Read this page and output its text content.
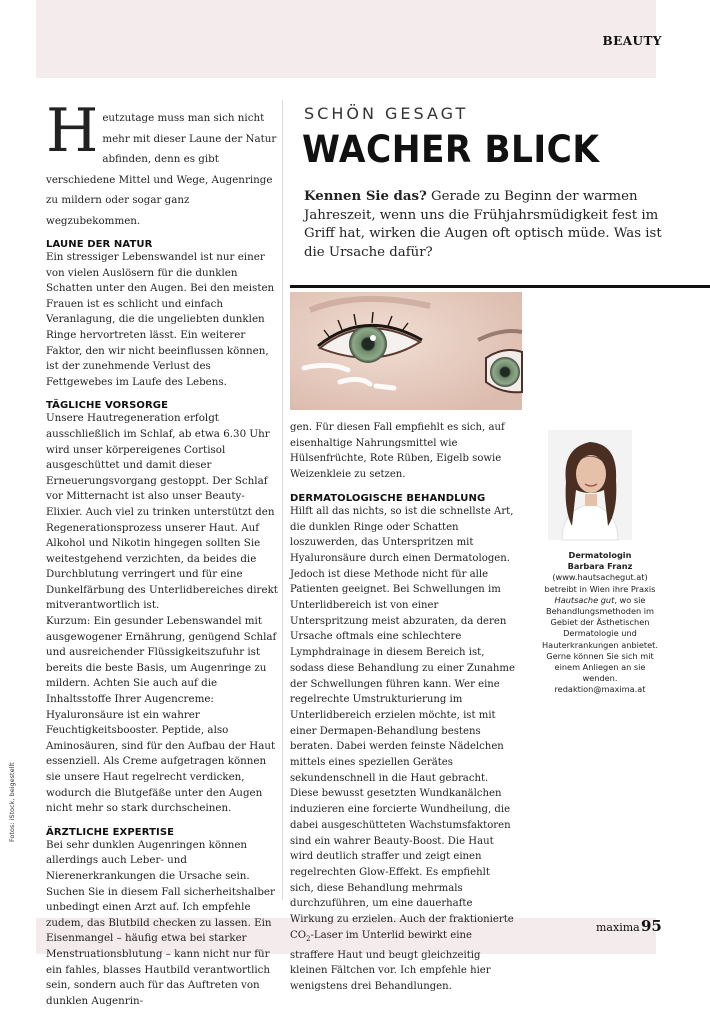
BEAUTY
H eutzutage muss man sich nicht mehr mit dieser Laune der Natur abfinden, denn es gibt verschiedene Mittel und Wege, Augenringe zu mildern oder sogar ganz wegzubekommen.
LAUNE DER NATUR
Ein stressiger Lebenswandel ist nur einer von vielen Auslösern für die dunklen Schatten unter den Augen. Bei den meisten Frauen ist es schlicht und einfach Veranlagung, die die ungeliebten dunklen Ringe hervortreten lässt. Ein weiterer Faktor, den wir nicht beeinflussen können, ist der zunehmende Verlust des Fettgewebes im Laufe des Lebens.
TÄGLICHE VORSORGE
Unsere Hautregeneration erfolgt ausschließlich im Schlaf, ab etwa 6.30 Uhr wird unser körpereigenes Cortisol ausgeschüttet und damit dieser Erneuerungsvorgang gestoppt. Der Schlaf vor Mitternacht ist also unser Beauty-Elixier. Auch viel zu trinken unterstützt den Regenerationsprozess unserer Haut. Auf Alkohol und Nikotin hingegen sollten Sie weitestgehend verzichten, da beides die Durchblutung verringert und für eine Dunkelfärbung des Unterlidbereiches direkt mitverantwortlich ist.
Kurzum: Ein gesunder Lebenswandel mit ausgewogener Ernährung, genügend Schlaf und ausreichender Flüssigkeitszufuhr ist bereits die beste Basis, um Augenringe zu mildern. Achten Sie auch auf die Inhaltsstoffe Ihrer Augencreme: Hyaluronsäure ist ein wahrer Feuchtigkeitsbooster. Peptide, also Aminosäuren, sind für den Aufbau der Haut essenziell. Als Creme aufgetragen können sie unsere Haut regelrecht verdicken, wodurch die Blutgefäße unter den Augen nicht mehr so stark durchscheinen.
ÄRZTLICHE EXPERTISE
Bei sehr dunklen Augenringen können allerdings auch Leber- und Nierenerkrankungen die Ursache sein. Suchen Sie in diesem Fall sicherheitshalber unbedingt einen Arzt auf. Ich empfehle zudem, das Blutbild checken zu lassen. Ein Eisenmangel – häufig etwa bei starker Menstruationsblutung – kann nicht nur für ein fahles, blasses Hautbild verantwortlich sein, sondern auch für das Auftreten von dunklen Augenrin-
SCHÖN GESAGT
WACHER BLICK
Kennen Sie das? Gerade zu Beginn der warmen Jahreszeit, wenn uns die Frühjahrsmüdigkeit fest im Griff hat, wirken die Augen oft optisch müde. Was ist die Ursache dafür?
gen. Für diesen Fall empfiehlt es sich, auf eisenhaltige Nahrungsmittel wie Hülsenfrüchte, Rote Rüben, Eigelb sowie Weizenkleie zu setzen.
DERMATOLOGISCHE BEHANDLUNG
Hilft all das nichts, so ist die schnellste Art, die dunklen Ringe oder Schatten loszuwerden, das Unterspritzen mit Hyaluronsäure durch einen Dermatologen. Jedoch ist diese Methode nicht für alle Patienten geeignet. Bei Schwellungen im Unterlidbereich ist von einer Unterspritzung meist abzuraten, da deren Ursache oftmals eine schlechtere Lymphdrainage in diesem Bereich ist, sodass diese Behandlung zu einer Zunahme der Schwellungen führen kann. Wer eine regelrechte Umstrukturierung im Unterlidbereich erzielen möchte, ist mit einer Dermapen-Behandlung bestens beraten. Dabei werden feinste Nädelchen mittels eines speziellen Gerätes sekundenschnell in die Haut gebracht. Diese bewusst gesetzten Wundkanälchen induzieren eine forcierte Wundheilung, die dabei ausgeschütteten Wachstumsfaktoren sind ein wahrer Beauty-Boost. Die Haut wird deutlich straffer und zeigt einen regelrechten Glow-Effekt. Es empfiehlt sich, diese Behandlung mehrmals durchzuführen, um eine dauerhafte Wirkung zu erzielen. Auch der fraktionierte $CO_2$-Laser im Unterlid bewirkt eine straffere Haut und beugt gleichzeitig kleinen Fältchen vor. Ich empfehle hier wenigstens drei Behandlungen.
Dermatologin
Barbara Franz
(www.hautsachegut.at)
betreibt in Wien ihre Praxis Hautsache gut, wo sie Behandlungsmethoden im Gebiet der Ästhetischen Dermatologie und Hauterkrankungen anbietet.
Gerne können Sie sich mit einem Anliegen an sie wenden.
redaktion@maxima.at
Fotos: iStock, beigestellt
maxima 95
